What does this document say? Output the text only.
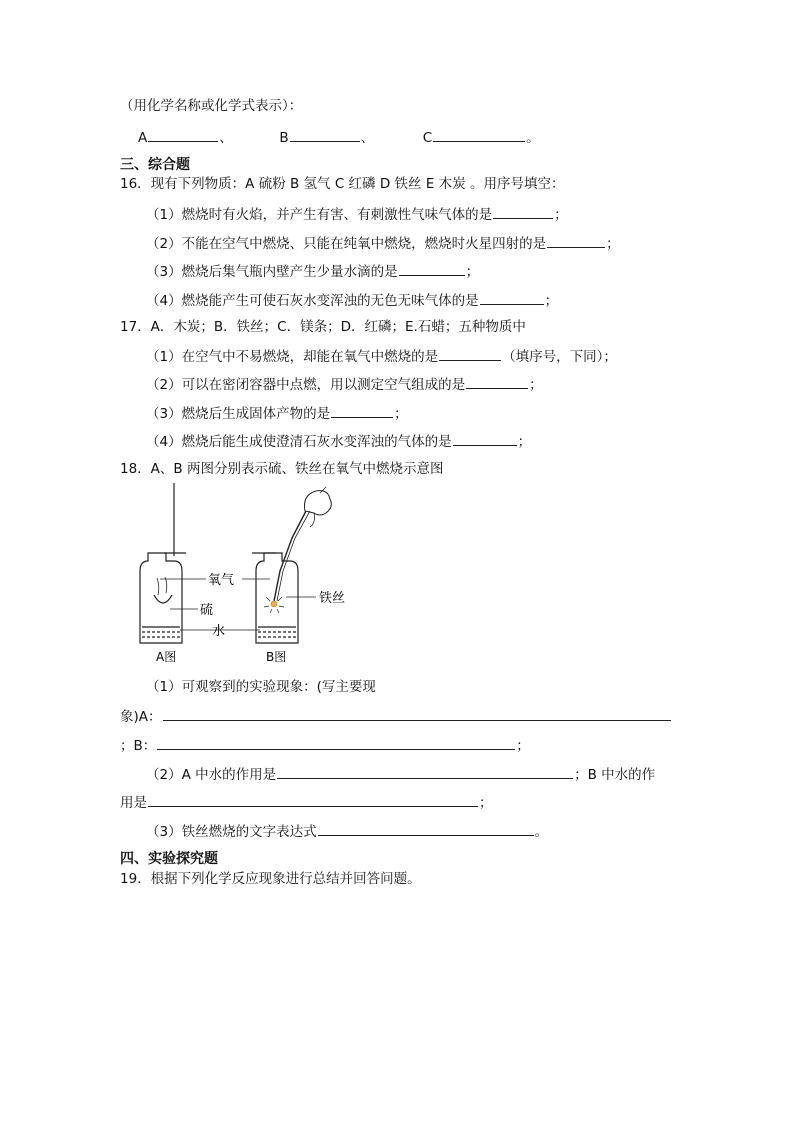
（用化学名称或化学式表示）：
A	、	B	、	C	。
三、综合题
16．现有下列物质：A 硫粉 B 氢气 C 红磷 D 铁丝 E 木炭 。用序号填空：
（1）燃烧时有火焰，并产生有害、有刺激性气味气体的是	；
（2）不能在空气中燃烧、只能在纯氧中燃烧，燃烧时火星四射的是	；
（3）燃烧后集气瓶内壁产生少量水滴的是	；
（4）燃烧能产生可使石灰水变浑浊的无色无味气体的是	；
17．A．木炭；B．铁丝；C．镁条；D．红磷；E.石蜡；五种物质中
（1）在空气中不易燃烧，却能在氧气中燃烧的是	（填序号，下同）；
（2）可以在密闭容器中点燃，用以测定空气组成的是	；
（3）燃烧后生成固体产物的是	；
（4）燃烧后能生成使澄清石灰水变浑浊的气体的是	；
18．A、B 两图分别表示硫、铁丝在氧气中燃烧示意图
氧气
硫
水
铁丝
A图	B图
（1）可观察到的实验现象：(写主要现
象)A：
；B：	；
（2）A 中水的作用是	；B 中水的作
用是	；
（3）铁丝燃烧的文字表达式	。
四、实验探究题
19．根据下列化学反应现象进行总结并回答问题。
